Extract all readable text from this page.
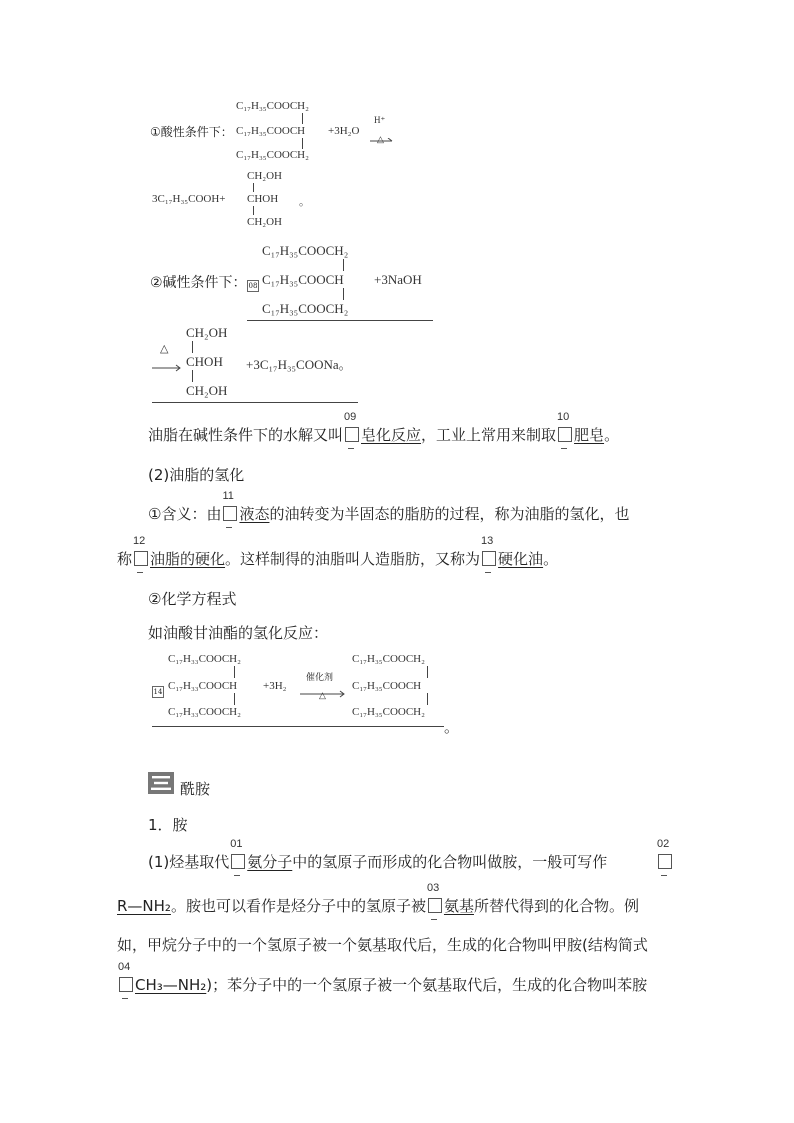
C₁₇H₃₅COOCH₂
①酸性条件下： C₁₇H₃₅COOCH +3H₂O
H⁺
△
C₁₇H₃₅COOCH₂
CH₂OH
3C₁₇H₃₅COOH+ CHOH 。
CH₂OH
C₁₇H₃₅COOCH₂
②碱性条件下： 08 C₁₇H₃₅COOCH +3NaOH
C₁₇H₃₅COOCH₂
CH₂OH
△
CHOH +3C₁₇H₃₅COONa。
CH₂OH
油脂在碱性条件下的水解又叫
09
皂化反应，工业上常用来制取
10
肥皂。
(2)油脂的氢化
①含义：由
11
液态的油转变为半固态的脂肪的过程，称为油脂的氢化，也
称
12
油脂的硬化。这样制得的油脂叫人造脂肪，又称为
13
硬化油。
②化学方程式
如油酸甘油酯的氢化反应：
C₁₇H₃₃COOCH₂
14 C₁₇H₃₃COOCH +3H₂
催化剂
△
C₁₇H₃₃COOCH₂
C₁₇H₃₅COOCH₂
C₁₇H₃₅COOCH
C₁₇H₃₅COOCH₂
。
酰胺
1．胺
(1)烃基取代
01
氨分子中的氢原子而形成的化合物叫做胺，一般可写作
02
R—NH₂。胺也可以看作是烃分子中的氢原子被
03
氨基所替代得到的化合物。例
如，甲烷分子中的一个氢原子被一个氨基取代后，生成的化合物叫甲胺(结构简式
04
CH₃—NH₂)；苯分子中的一个氢原子被一个氨基取代后，生成的化合物叫苯胺
